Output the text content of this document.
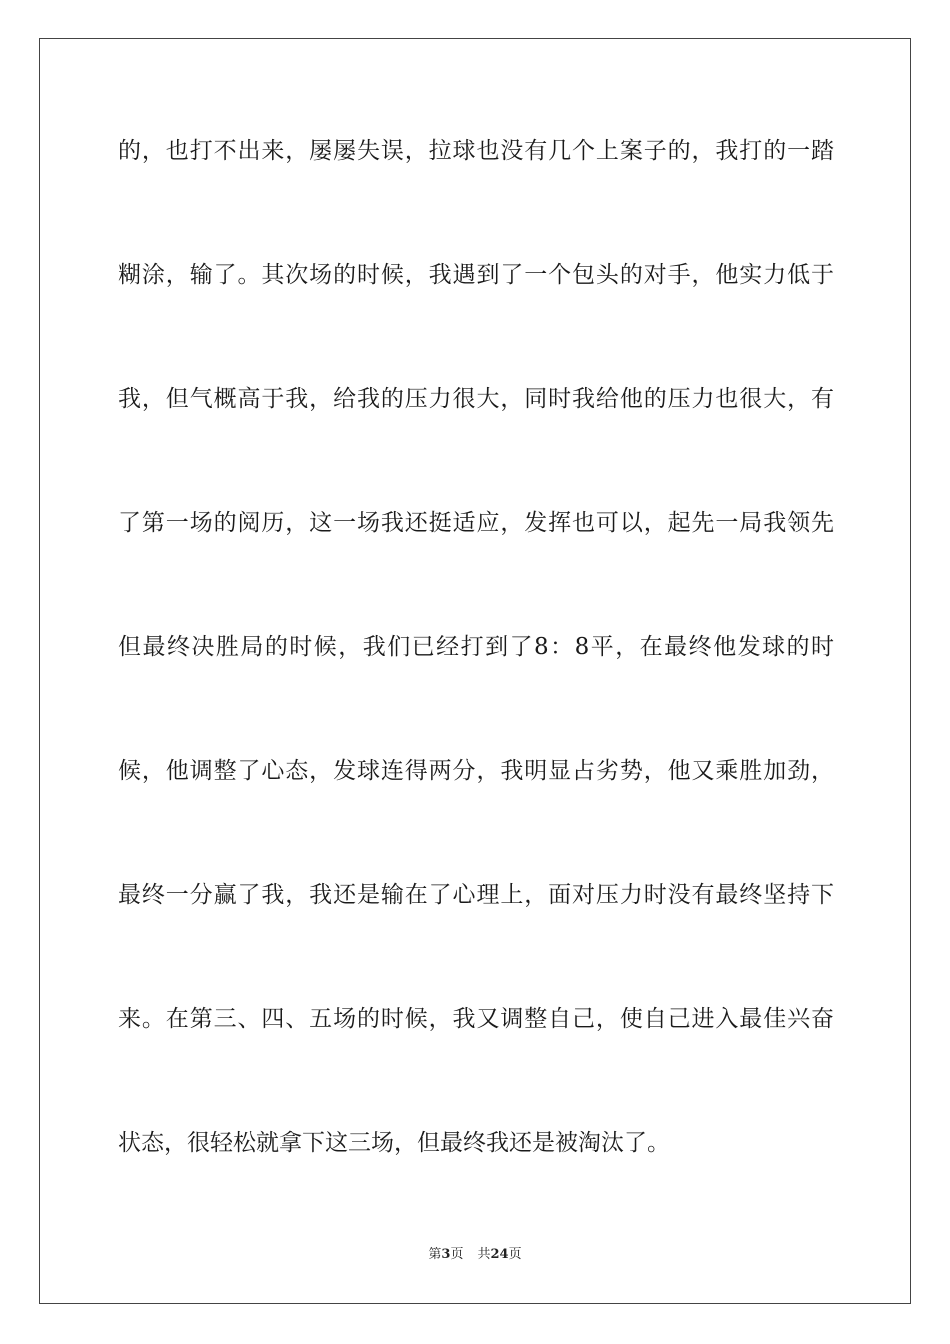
的，也打不出来，屡屡失误，拉球也没有几个上案子的，我打的一踏
糊涂，输了。其次场的时候，我遇到了一个包头的对手，他实力低于
我，但气概高于我，给我的压力很大，同时我给他的压力也很大，有
了第一场的阅历，这一场我还挺适应，发挥也可以，起先一局我领先
但最终决胜局的时候，我们已经打到了8：8平，在最终他发球的时
候，他调整了心态，发球连得两分，我明显占劣势，他又乘胜加劲，
最终一分赢了我，我还是输在了心理上，面对压力时没有最终坚持下
来。在第三、四、五场的时候，我又调整自己，使自己进入最佳兴奋
状态，很轻松就拿下这三场，但最终我还是被淘汰了。
第3页 共24页
